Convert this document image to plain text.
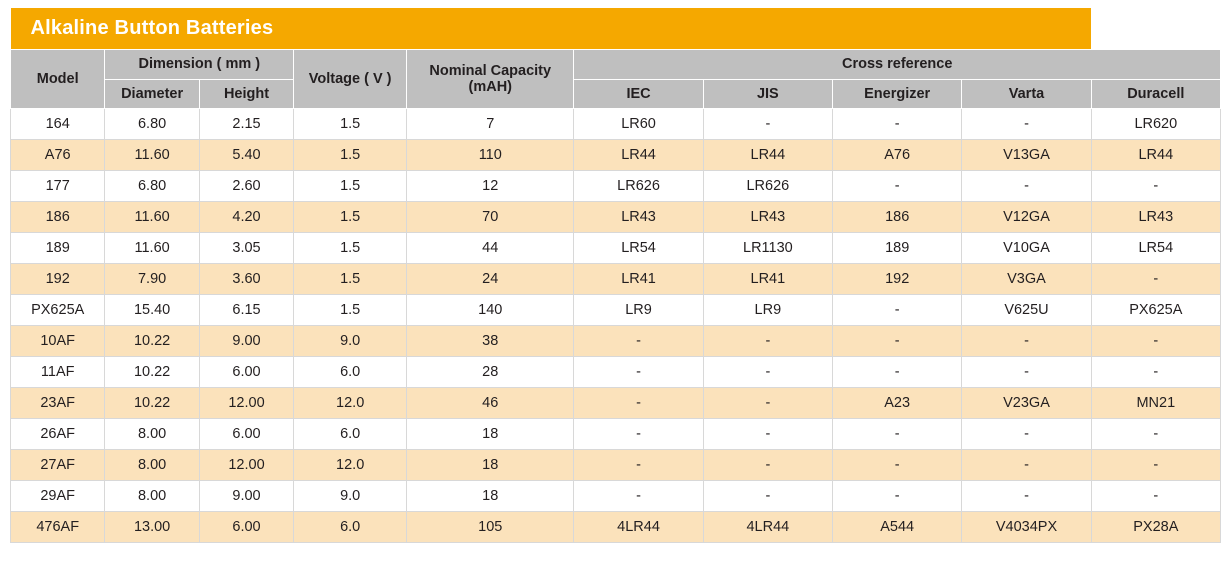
Alkaline Button Batteries									
Model	Dimension ( mm )		Voltage ( V )	Nominal Capacity (mAH)	Cross reference				
	Diameter	Height			IEC	JIS	Energizer	Varta	Duracell
164	6.80	2.15	1.5	7	LR60	-	-	-	LR620
A76	11.60	5.40	1.5	110	LR44	LR44	A76	V13GA	LR44
177	6.80	2.60	1.5	12	LR626	LR626	-	-	-
186	11.60	4.20	1.5	70	LR43	LR43	186	V12GA	LR43
189	11.60	3.05	1.5	44	LR54	LR1130	189	V10GA	LR54
192	7.90	3.60	1.5	24	LR41	LR41	192	V3GA	-
PX625A	15.40	6.15	1.5	140	LR9	LR9	-	V625U	PX625A
10AF	10.22	9.00	9.0	38	-	-	-	-	-
11AF	10.22	6.00	6.0	28	-	-	-	-	-
23AF	10.22	12.00	12.0	46	-	-	A23	V23GA	MN21
26AF	8.00	6.00	6.0	18	-	-	-	-	-
27AF	8.00	12.00	12.0	18	-	-	-	-	-
29AF	8.00	9.00	9.0	18	-	-	-	-	-
476AF	13.00	6.00	6.0	105	4LR44	4LR44	A544	V4034PX	PX28A
